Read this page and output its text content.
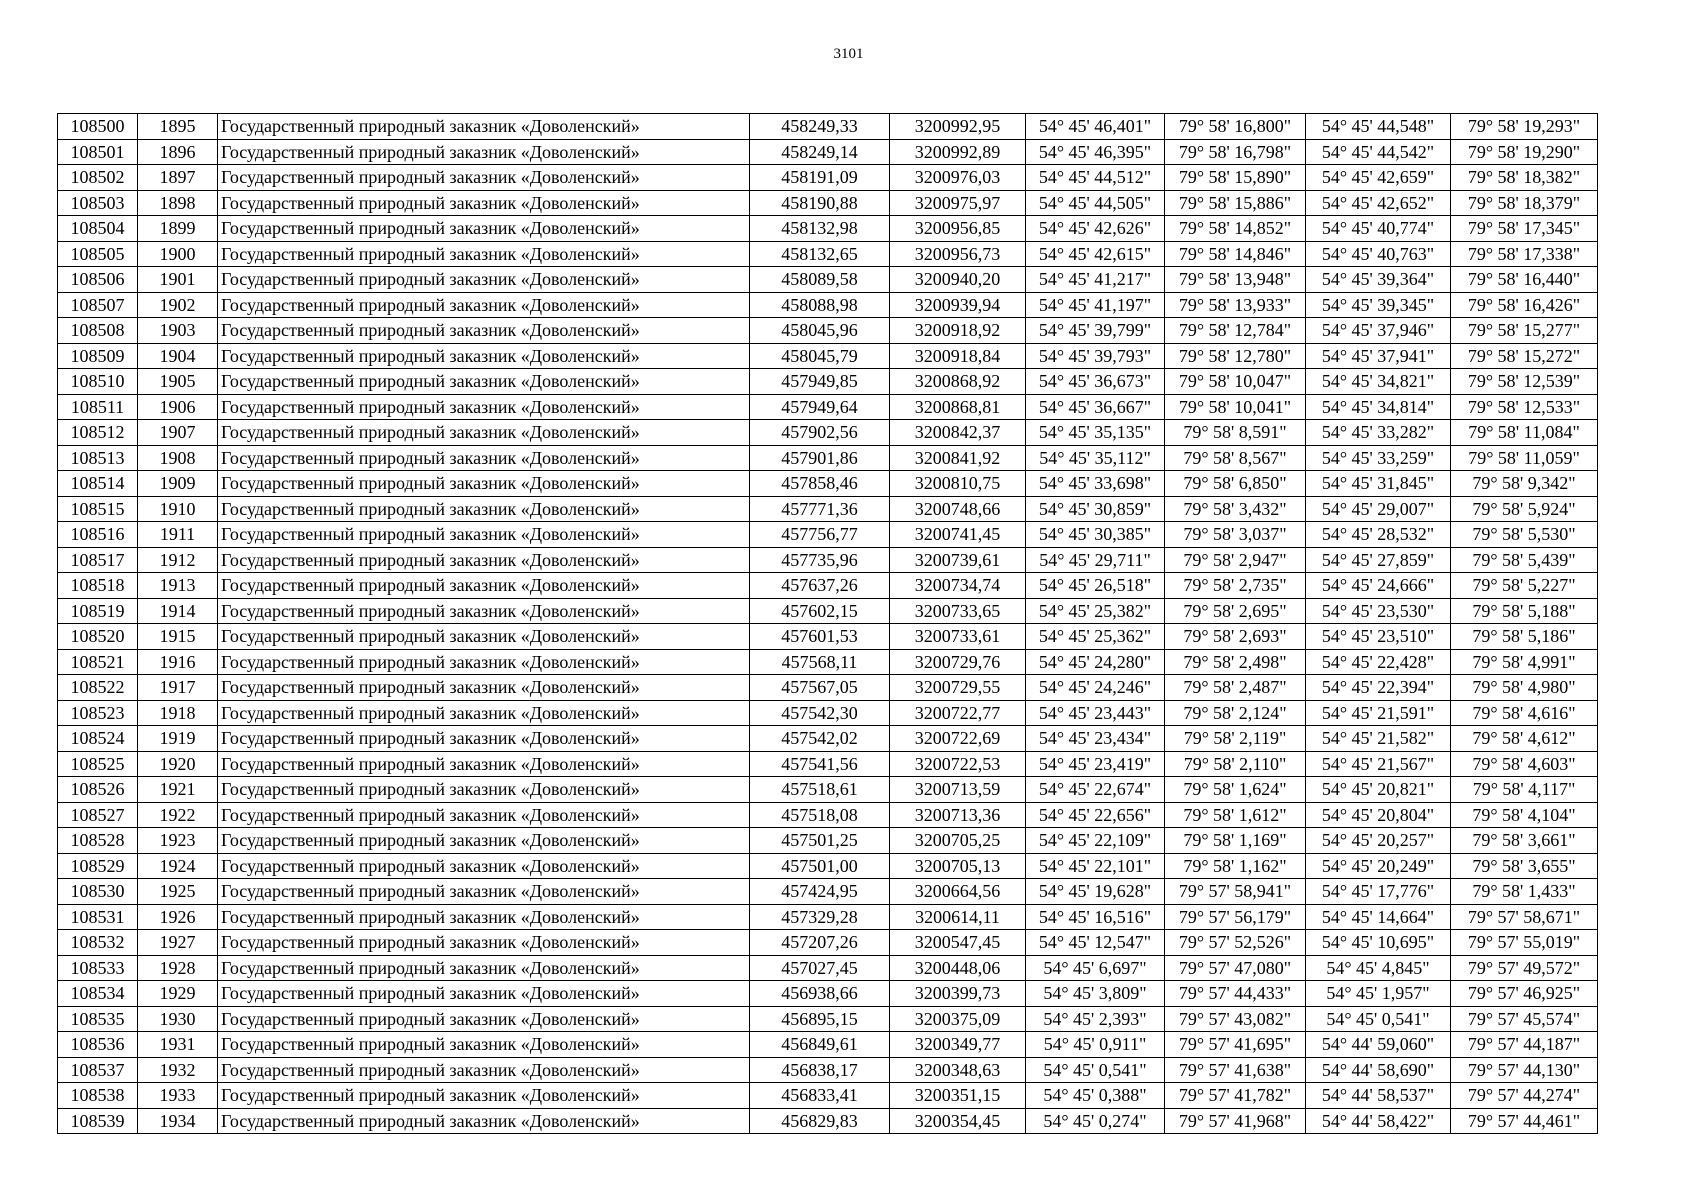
3101
108500	1895	Государственный природный заказник «Доволенский»	458249,33	3200992,95	54° 45' 46,401"	79° 58' 16,800"	54° 45' 44,548"	79° 58' 19,293"
108501	1896	Государственный природный заказник «Доволенский»	458249,14	3200992,89	54° 45' 46,395"	79° 58' 16,798"	54° 45' 44,542"	79° 58' 19,290"
108502	1897	Государственный природный заказник «Доволенский»	458191,09	3200976,03	54° 45' 44,512"	79° 58' 15,890"	54° 45' 42,659"	79° 58' 18,382"
108503	1898	Государственный природный заказник «Доволенский»	458190,88	3200975,97	54° 45' 44,505"	79° 58' 15,886"	54° 45' 42,652"	79° 58' 18,379"
108504	1899	Государственный природный заказник «Доволенский»	458132,98	3200956,85	54° 45' 42,626"	79° 58' 14,852"	54° 45' 40,774"	79° 58' 17,345"
108505	1900	Государственный природный заказник «Доволенский»	458132,65	3200956,73	54° 45' 42,615"	79° 58' 14,846"	54° 45' 40,763"	79° 58' 17,338"
108506	1901	Государственный природный заказник «Доволенский»	458089,58	3200940,20	54° 45' 41,217"	79° 58' 13,948"	54° 45' 39,364"	79° 58' 16,440"
108507	1902	Государственный природный заказник «Доволенский»	458088,98	3200939,94	54° 45' 41,197"	79° 58' 13,933"	54° 45' 39,345"	79° 58' 16,426"
108508	1903	Государственный природный заказник «Доволенский»	458045,96	3200918,92	54° 45' 39,799"	79° 58' 12,784"	54° 45' 37,946"	79° 58' 15,277"
108509	1904	Государственный природный заказник «Доволенский»	458045,79	3200918,84	54° 45' 39,793"	79° 58' 12,780"	54° 45' 37,941"	79° 58' 15,272"
108510	1905	Государственный природный заказник «Доволенский»	457949,85	3200868,92	54° 45' 36,673"	79° 58' 10,047"	54° 45' 34,821"	79° 58' 12,539"
108511	1906	Государственный природный заказник «Доволенский»	457949,64	3200868,81	54° 45' 36,667"	79° 58' 10,041"	54° 45' 34,814"	79° 58' 12,533"
108512	1907	Государственный природный заказник «Доволенский»	457902,56	3200842,37	54° 45' 35,135"	79° 58' 8,591"	54° 45' 33,282"	79° 58' 11,084"
108513	1908	Государственный природный заказник «Доволенский»	457901,86	3200841,92	54° 45' 35,112"	79° 58' 8,567"	54° 45' 33,259"	79° 58' 11,059"
108514	1909	Государственный природный заказник «Доволенский»	457858,46	3200810,75	54° 45' 33,698"	79° 58' 6,850"	54° 45' 31,845"	79° 58' 9,342"
108515	1910	Государственный природный заказник «Доволенский»	457771,36	3200748,66	54° 45' 30,859"	79° 58' 3,432"	54° 45' 29,007"	79° 58' 5,924"
108516	1911	Государственный природный заказник «Доволенский»	457756,77	3200741,45	54° 45' 30,385"	79° 58' 3,037"	54° 45' 28,532"	79° 58' 5,530"
108517	1912	Государственный природный заказник «Доволенский»	457735,96	3200739,61	54° 45' 29,711"	79° 58' 2,947"	54° 45' 27,859"	79° 58' 5,439"
108518	1913	Государственный природный заказник «Доволенский»	457637,26	3200734,74	54° 45' 26,518"	79° 58' 2,735"	54° 45' 24,666"	79° 58' 5,227"
108519	1914	Государственный природный заказник «Доволенский»	457602,15	3200733,65	54° 45' 25,382"	79° 58' 2,695"	54° 45' 23,530"	79° 58' 5,188"
108520	1915	Государственный природный заказник «Доволенский»	457601,53	3200733,61	54° 45' 25,362"	79° 58' 2,693"	54° 45' 23,510"	79° 58' 5,186"
108521	1916	Государственный природный заказник «Доволенский»	457568,11	3200729,76	54° 45' 24,280"	79° 58' 2,498"	54° 45' 22,428"	79° 58' 4,991"
108522	1917	Государственный природный заказник «Доволенский»	457567,05	3200729,55	54° 45' 24,246"	79° 58' 2,487"	54° 45' 22,394"	79° 58' 4,980"
108523	1918	Государственный природный заказник «Доволенский»	457542,30	3200722,77	54° 45' 23,443"	79° 58' 2,124"	54° 45' 21,591"	79° 58' 4,616"
108524	1919	Государственный природный заказник «Доволенский»	457542,02	3200722,69	54° 45' 23,434"	79° 58' 2,119"	54° 45' 21,582"	79° 58' 4,612"
108525	1920	Государственный природный заказник «Доволенский»	457541,56	3200722,53	54° 45' 23,419"	79° 58' 2,110"	54° 45' 21,567"	79° 58' 4,603"
108526	1921	Государственный природный заказник «Доволенский»	457518,61	3200713,59	54° 45' 22,674"	79° 58' 1,624"	54° 45' 20,821"	79° 58' 4,117"
108527	1922	Государственный природный заказник «Доволенский»	457518,08	3200713,36	54° 45' 22,656"	79° 58' 1,612"	54° 45' 20,804"	79° 58' 4,104"
108528	1923	Государственный природный заказник «Доволенский»	457501,25	3200705,25	54° 45' 22,109"	79° 58' 1,169"	54° 45' 20,257"	79° 58' 3,661"
108529	1924	Государственный природный заказник «Доволенский»	457501,00	3200705,13	54° 45' 22,101"	79° 58' 1,162"	54° 45' 20,249"	79° 58' 3,655"
108530	1925	Государственный природный заказник «Доволенский»	457424,95	3200664,56	54° 45' 19,628"	79° 57' 58,941"	54° 45' 17,776"	79° 58' 1,433"
108531	1926	Государственный природный заказник «Доволенский»	457329,28	3200614,11	54° 45' 16,516"	79° 57' 56,179"	54° 45' 14,664"	79° 57' 58,671"
108532	1927	Государственный природный заказник «Доволенский»	457207,26	3200547,45	54° 45' 12,547"	79° 57' 52,526"	54° 45' 10,695"	79° 57' 55,019"
108533	1928	Государственный природный заказник «Доволенский»	457027,45	3200448,06	54° 45' 6,697"	79° 57' 47,080"	54° 45' 4,845"	79° 57' 49,572"
108534	1929	Государственный природный заказник «Доволенский»	456938,66	3200399,73	54° 45' 3,809"	79° 57' 44,433"	54° 45' 1,957"	79° 57' 46,925"
108535	1930	Государственный природный заказник «Доволенский»	456895,15	3200375,09	54° 45' 2,393"	79° 57' 43,082"	54° 45' 0,541"	79° 57' 45,574"
108536	1931	Государственный природный заказник «Доволенский»	456849,61	3200349,77	54° 45' 0,911"	79° 57' 41,695"	54° 44' 59,060"	79° 57' 44,187"
108537	1932	Государственный природный заказник «Доволенский»	456838,17	3200348,63	54° 45' 0,541"	79° 57' 41,638"	54° 44' 58,690"	79° 57' 44,130"
108538	1933	Государственный природный заказник «Доволенский»	456833,41	3200351,15	54° 45' 0,388"	79° 57' 41,782"	54° 44' 58,537"	79° 57' 44,274"
108539	1934	Государственный природный заказник «Доволенский»	456829,83	3200354,45	54° 45' 0,274"	79° 57' 41,968"	54° 44' 58,422"	79° 57' 44,461"
